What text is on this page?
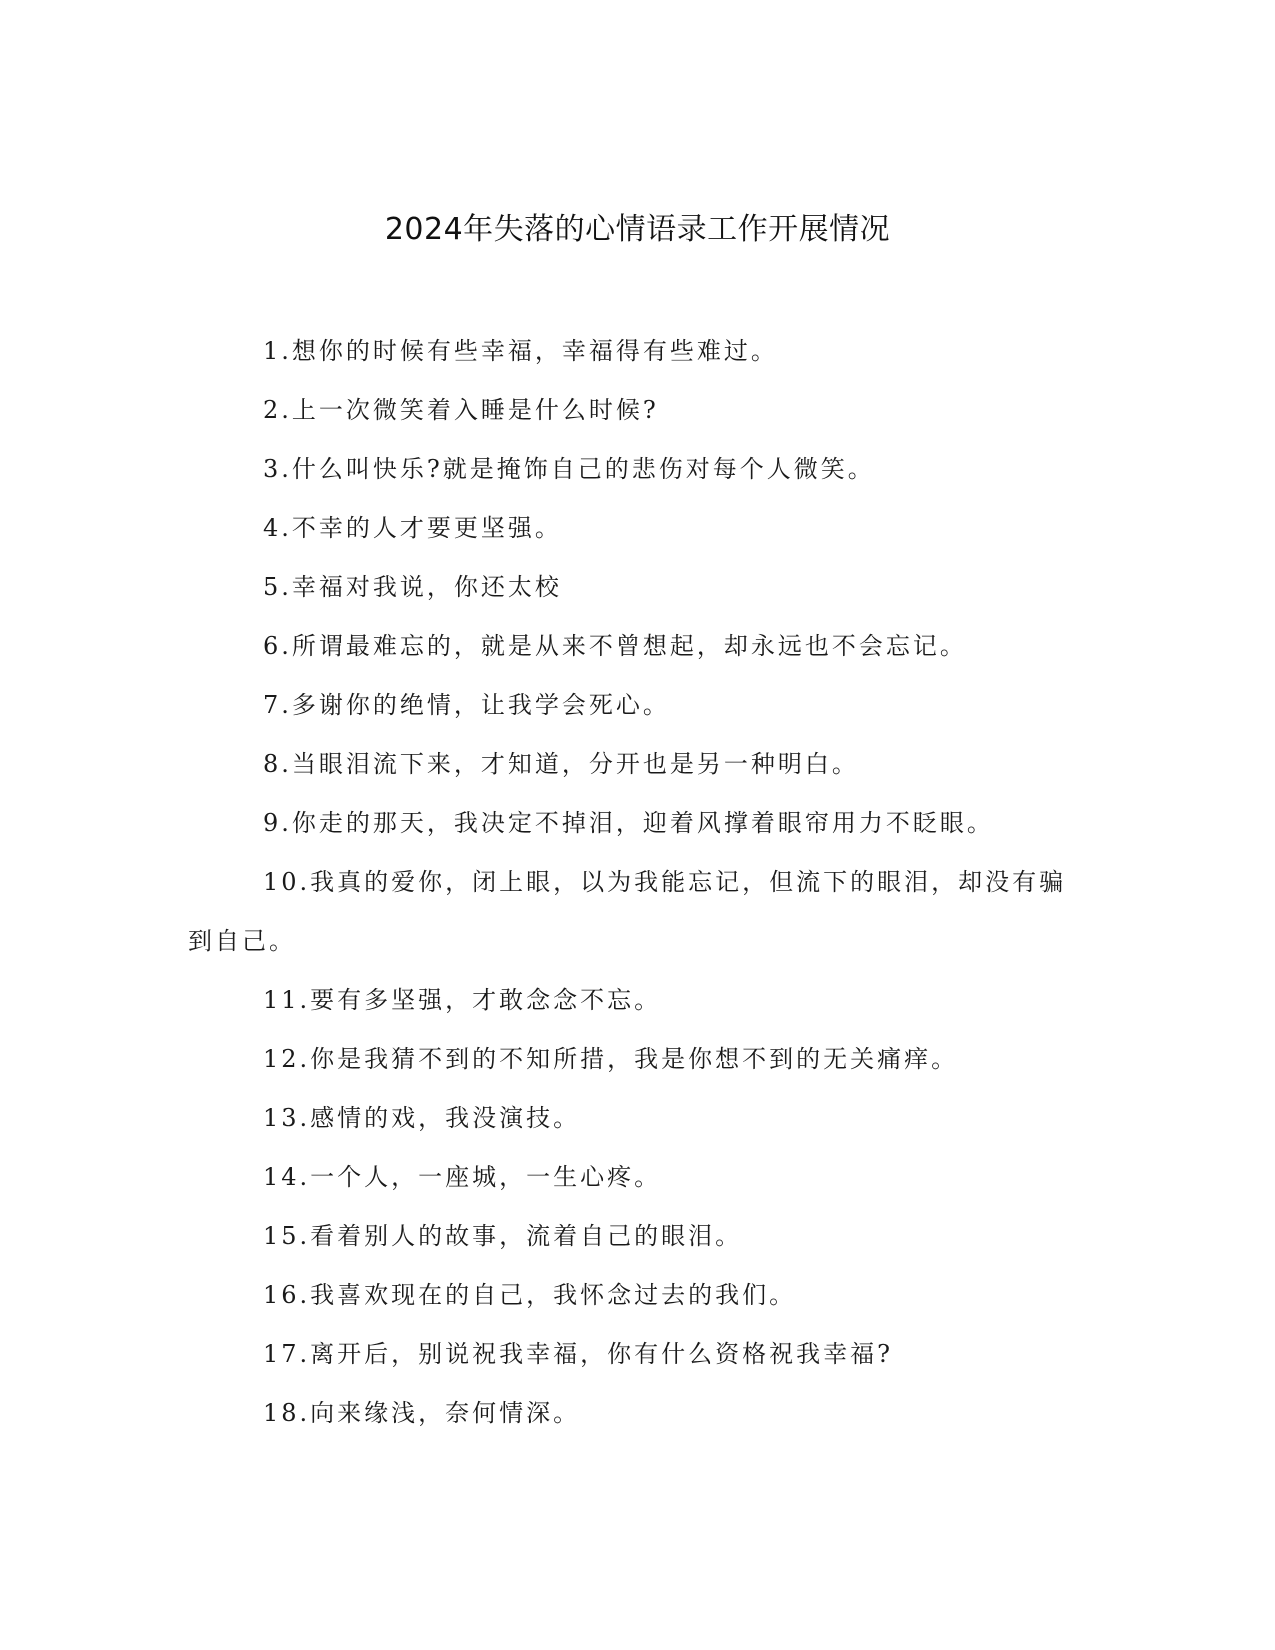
2024年失落的心情语录工作开展情况

1.想你的时候有些幸福，幸福得有些难过。

2.上一次微笑着入睡是什么时候?

3.什么叫快乐?就是掩饰自己的悲伤对每个人微笑。

4.不幸的人才要更坚强。

5.幸福对我说，你还太校

6.所谓最难忘的，就是从来不曾想起，却永远也不会忘记。

7.多谢你的绝情，让我学会死心。

8.当眼泪流下来，才知道，分开也是另一种明白。

9.你走的那天，我决定不掉泪，迎着风撑着眼帘用力不眨眼。

10.我真的爱你，闭上眼，以为我能忘记，但流下的眼泪，却没有骗到自己。

11.要有多坚强，才敢念念不忘。

12.你是我猜不到的不知所措，我是你想不到的无关痛痒。

13.感情的戏，我没演技。

14.一个人，一座城，一生心疼。

15.看着别人的故事，流着自己的眼泪。

16.我喜欢现在的自己，我怀念过去的我们。

17.离开后，别说祝我幸福，你有什么资格祝我幸福?

18.向来缘浅，奈何情深。
